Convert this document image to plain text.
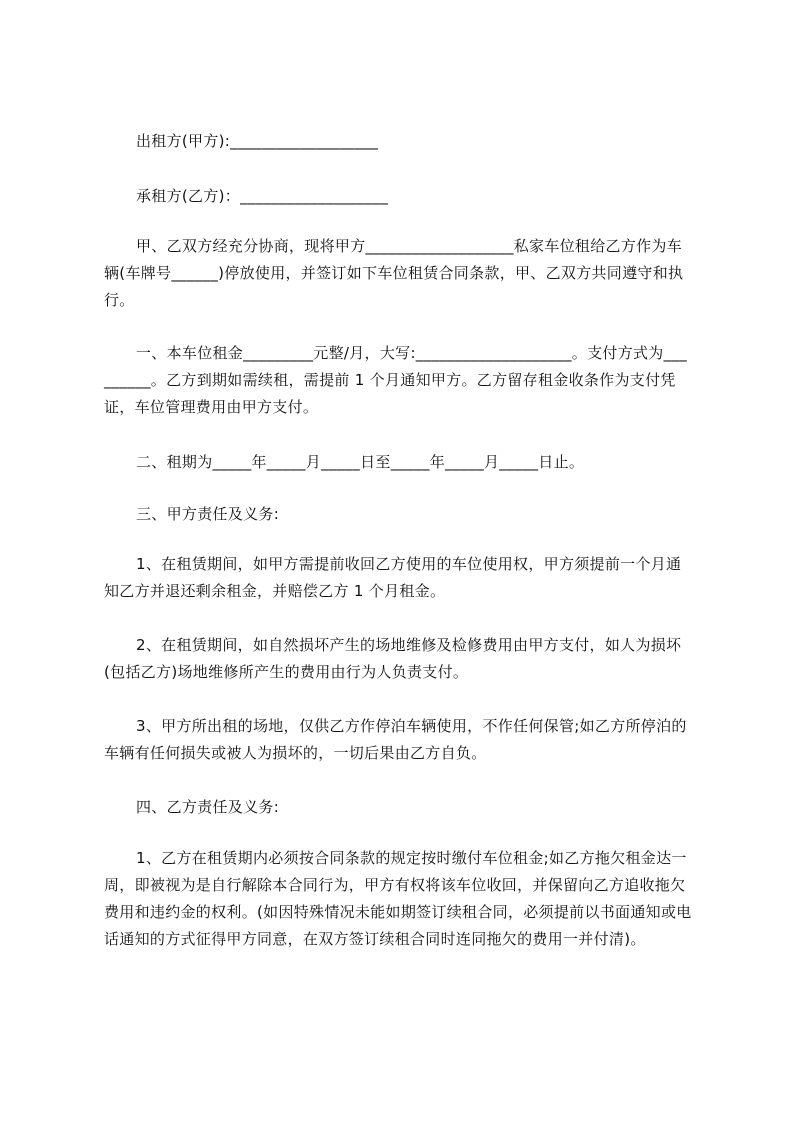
出租方(甲方):___________________

承租方(乙方)：___________________

甲、乙双方经充分协商，现将甲方___________________私家车位租给乙方作为车辆(车牌号______)停放使用，并签订如下车位租赁合同条款，甲、乙双方共同遵守和执行。

一、本车位租金_________元整/月，大写:____________________。支付方式为_________。乙方到期如需续租，需提前 1 个月通知甲方。乙方留存租金收条作为支付凭证，车位管理费用由甲方支付。

二、租期为_____年_____月_____日至_____年_____月_____日止。

三、甲方责任及义务:

1、在租赁期间，如甲方需提前收回乙方使用的车位使用权，甲方须提前一个月通知乙方并退还剩余租金，并赔偿乙方 1 个月租金。

2、在租赁期间，如自然损坏产生的场地维修及检修费用由甲方支付，如人为损坏(包括乙方)场地维修所产生的费用由行为人负责支付。

3、甲方所出租的场地，仅供乙方作停泊车辆使用，不作任何保管;如乙方所停泊的车辆有任何损失或被人为损坏的，一切后果由乙方自负。

四、乙方责任及义务:

1、乙方在租赁期内必须按合同条款的规定按时缴付车位租金;如乙方拖欠租金达一周，即被视为是自行解除本合同行为，甲方有权将该车位收回，并保留向乙方追收拖欠费用和违约金的权利。(如因特殊情况未能如期签订续租合同，必须提前以书面通知或电话通知的方式征得甲方同意，在双方签订续租合同时连同拖欠的费用一并付清)。
